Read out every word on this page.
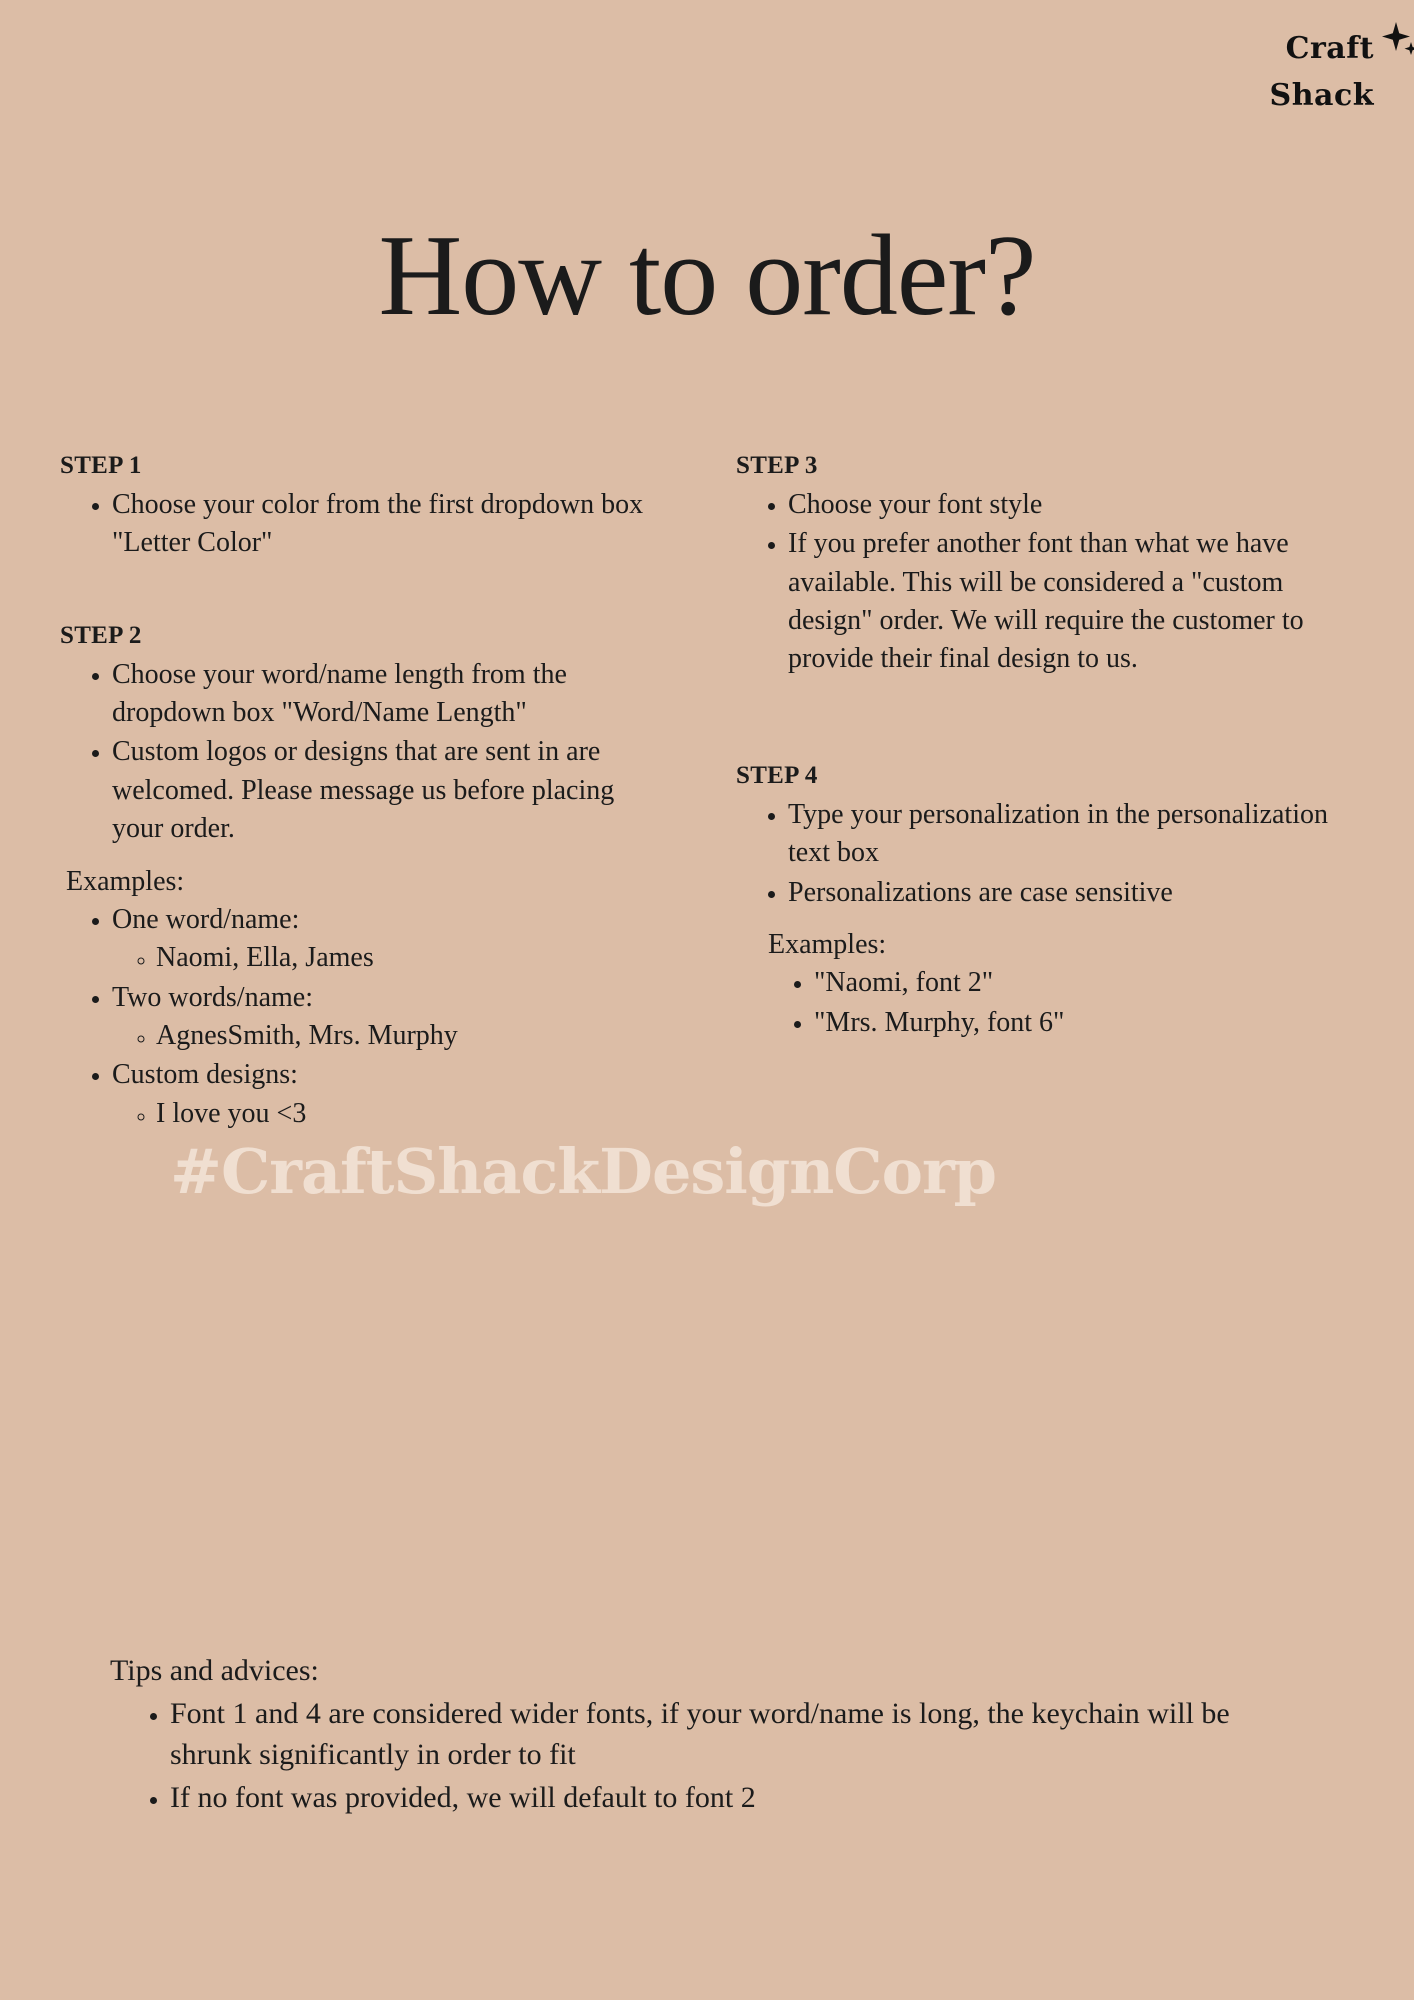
Craft
Shack
How to order?
STEP 1
• Choose your color from the first dropdown box "Letter Color"
STEP 2
• Choose your word/name length from the dropdown box "Word/Name Length"
• Custom logos or designs that are sent in are welcomed. Please message us before placing your order.

Examples:

• One word/name:
◦ Naomi, Ella, James
• Two words/name:
◦ AgnesSmith, Mrs. Murphy
• Custom designs:
◦ I love you <3
STEP 3
• Choose your font style
• If you prefer another font than what we have available. This will be considered a "custom design" order. We will require the customer to provide their final design to us.
STEP 4
• Type your personalization in the personalization text box
• Personalizations are case sensitive

Examples:

• "Naomi, font 2"
• "Mrs. Murphy, font 6"
#CraftShackDesignCorp

Tips and advices:

• Font 1 and 4 are considered wider fonts, if your word/name is long, the keychain will be shrunk significantly in order to fit
• If no font was provided, we will default to font 2
